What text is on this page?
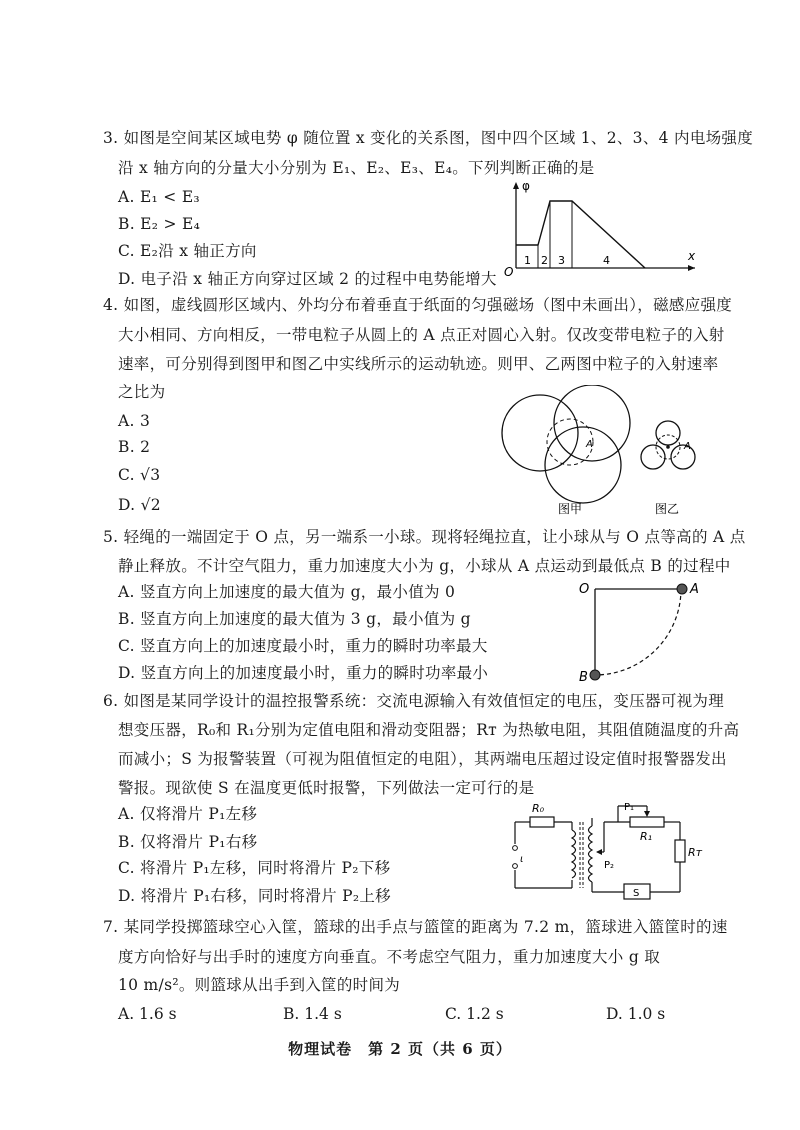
3. 如图是空间某区域电势 φ 随位置 x 变化的关系图，图中四个区域 1、2、3、4 内电场强度
沿 x 轴方向的分量大小分别为 E₁、E₂、E₃、E₄。下列判断正确的是
A. E₁ < E₃
B. E₂ > E₄
C. E₂沿 x 轴正方向
D. 电子沿 x 轴正方向穿过区域 2 的过程中电势能增大
φ
x
O
1 2 3	4
4. 如图，虚线圆形区域内、外均分布着垂直于纸面的匀强磁场（图中未画出），磁感应强度
大小相同、方向相反，一带电粒子从圆上的 A 点正对圆心入射。仅改变带电粒子的入射
速率，可分别得到图甲和图乙中实线所示的运动轨迹。则甲、乙两图中粒子的入射速率
之比为
A. 3
B. 2
C. √3
D. √2
A
图甲
A
图乙
5. 轻绳的一端固定于 O 点，另一端系一小球。现将轻绳拉直，让小球从与 O 点等高的 A 点
静止释放。不计空气阻力，重力加速度大小为 g，小球从 A 点运动到最低点 B 的过程中
A. 竖直方向上加速度的最大值为 g，最小值为 0
B. 竖直方向上加速度的最大值为 3 g，最小值为 g
C. 竖直方向上的加速度最小时，重力的瞬时功率最大
D. 竖直方向上的加速度最小时，重力的瞬时功率最小
O	A
B
6. 如图是某同学设计的温控报警系统：交流电源输入有效值恒定的电压，变压器可视为理
想变压器，R₀和 R₁分别为定值电阻和滑动变阻器；Rᴛ 为热敏电阻，其阻值随温度的升高
而减小；S 为报警装置（可视为阻值恒定的电阻），其两端电压超过设定值时报警器发出
警报。现欲使 S 在温度更低时报警，下列做法一定可行的是
A. 仅将滑片 P₁左移
B. 仅将滑片 P₁右移
C. 将滑片 P₁左移，同时将滑片 P₂下移
D. 将滑片 P₁右移，同时将滑片 P₂上移
ι
R₀	P₁
R₁
Rᴛ
P₂
S
7. 某同学投掷篮球空心入筐，篮球的出手点与篮筐的距离为 7.2 m，篮球进入篮筐时的速
度方向恰好与出手时的速度方向垂直。不考虑空气阻力，重力加速度大小 g 取
10 m/s²。则篮球从出手到入筐的时间为
A. 1.6 s	B. 1.4 s	C. 1.2 s	D. 1.0 s
物理试卷　第 2 页（共 6 页）
